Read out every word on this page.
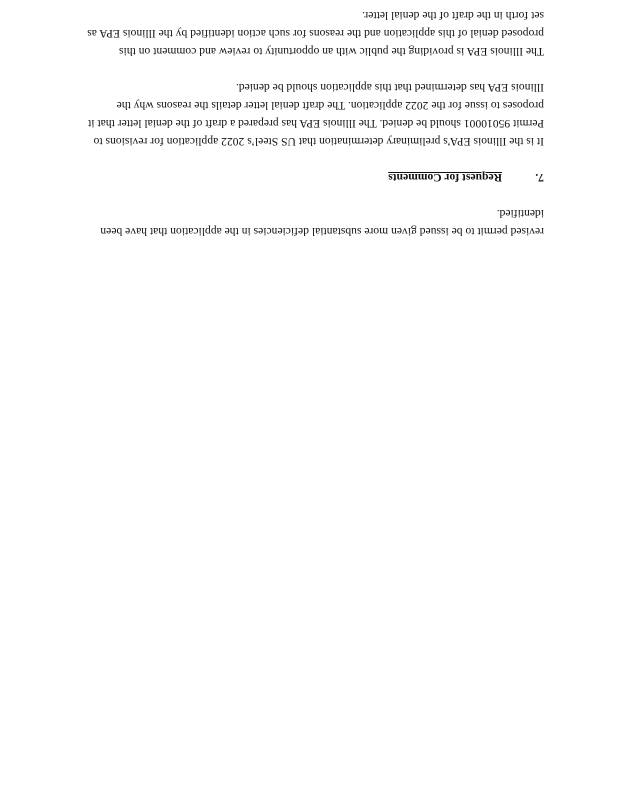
revised permit to be issued given more substantial deficiencies in the application that have been
identified.
7.
Request for Comments
It is the Illinois EPA’s preliminary determination that US Steel’s 2022 application for revisions to
Permit 95010001 should be denied. The Illinois EPA has prepared a draft of the denial letter that it
proposes to issue for the 2022 application. The draft denial letter details the reasons why the
Illinois EPA has determined that this application should be denied.
The Illinois EPA is providing the public with an opportunity to review and comment on this
proposed denial of this application and the reasons for such action identified by the Illinois EPA as
set forth in the draft of the denial letter.
